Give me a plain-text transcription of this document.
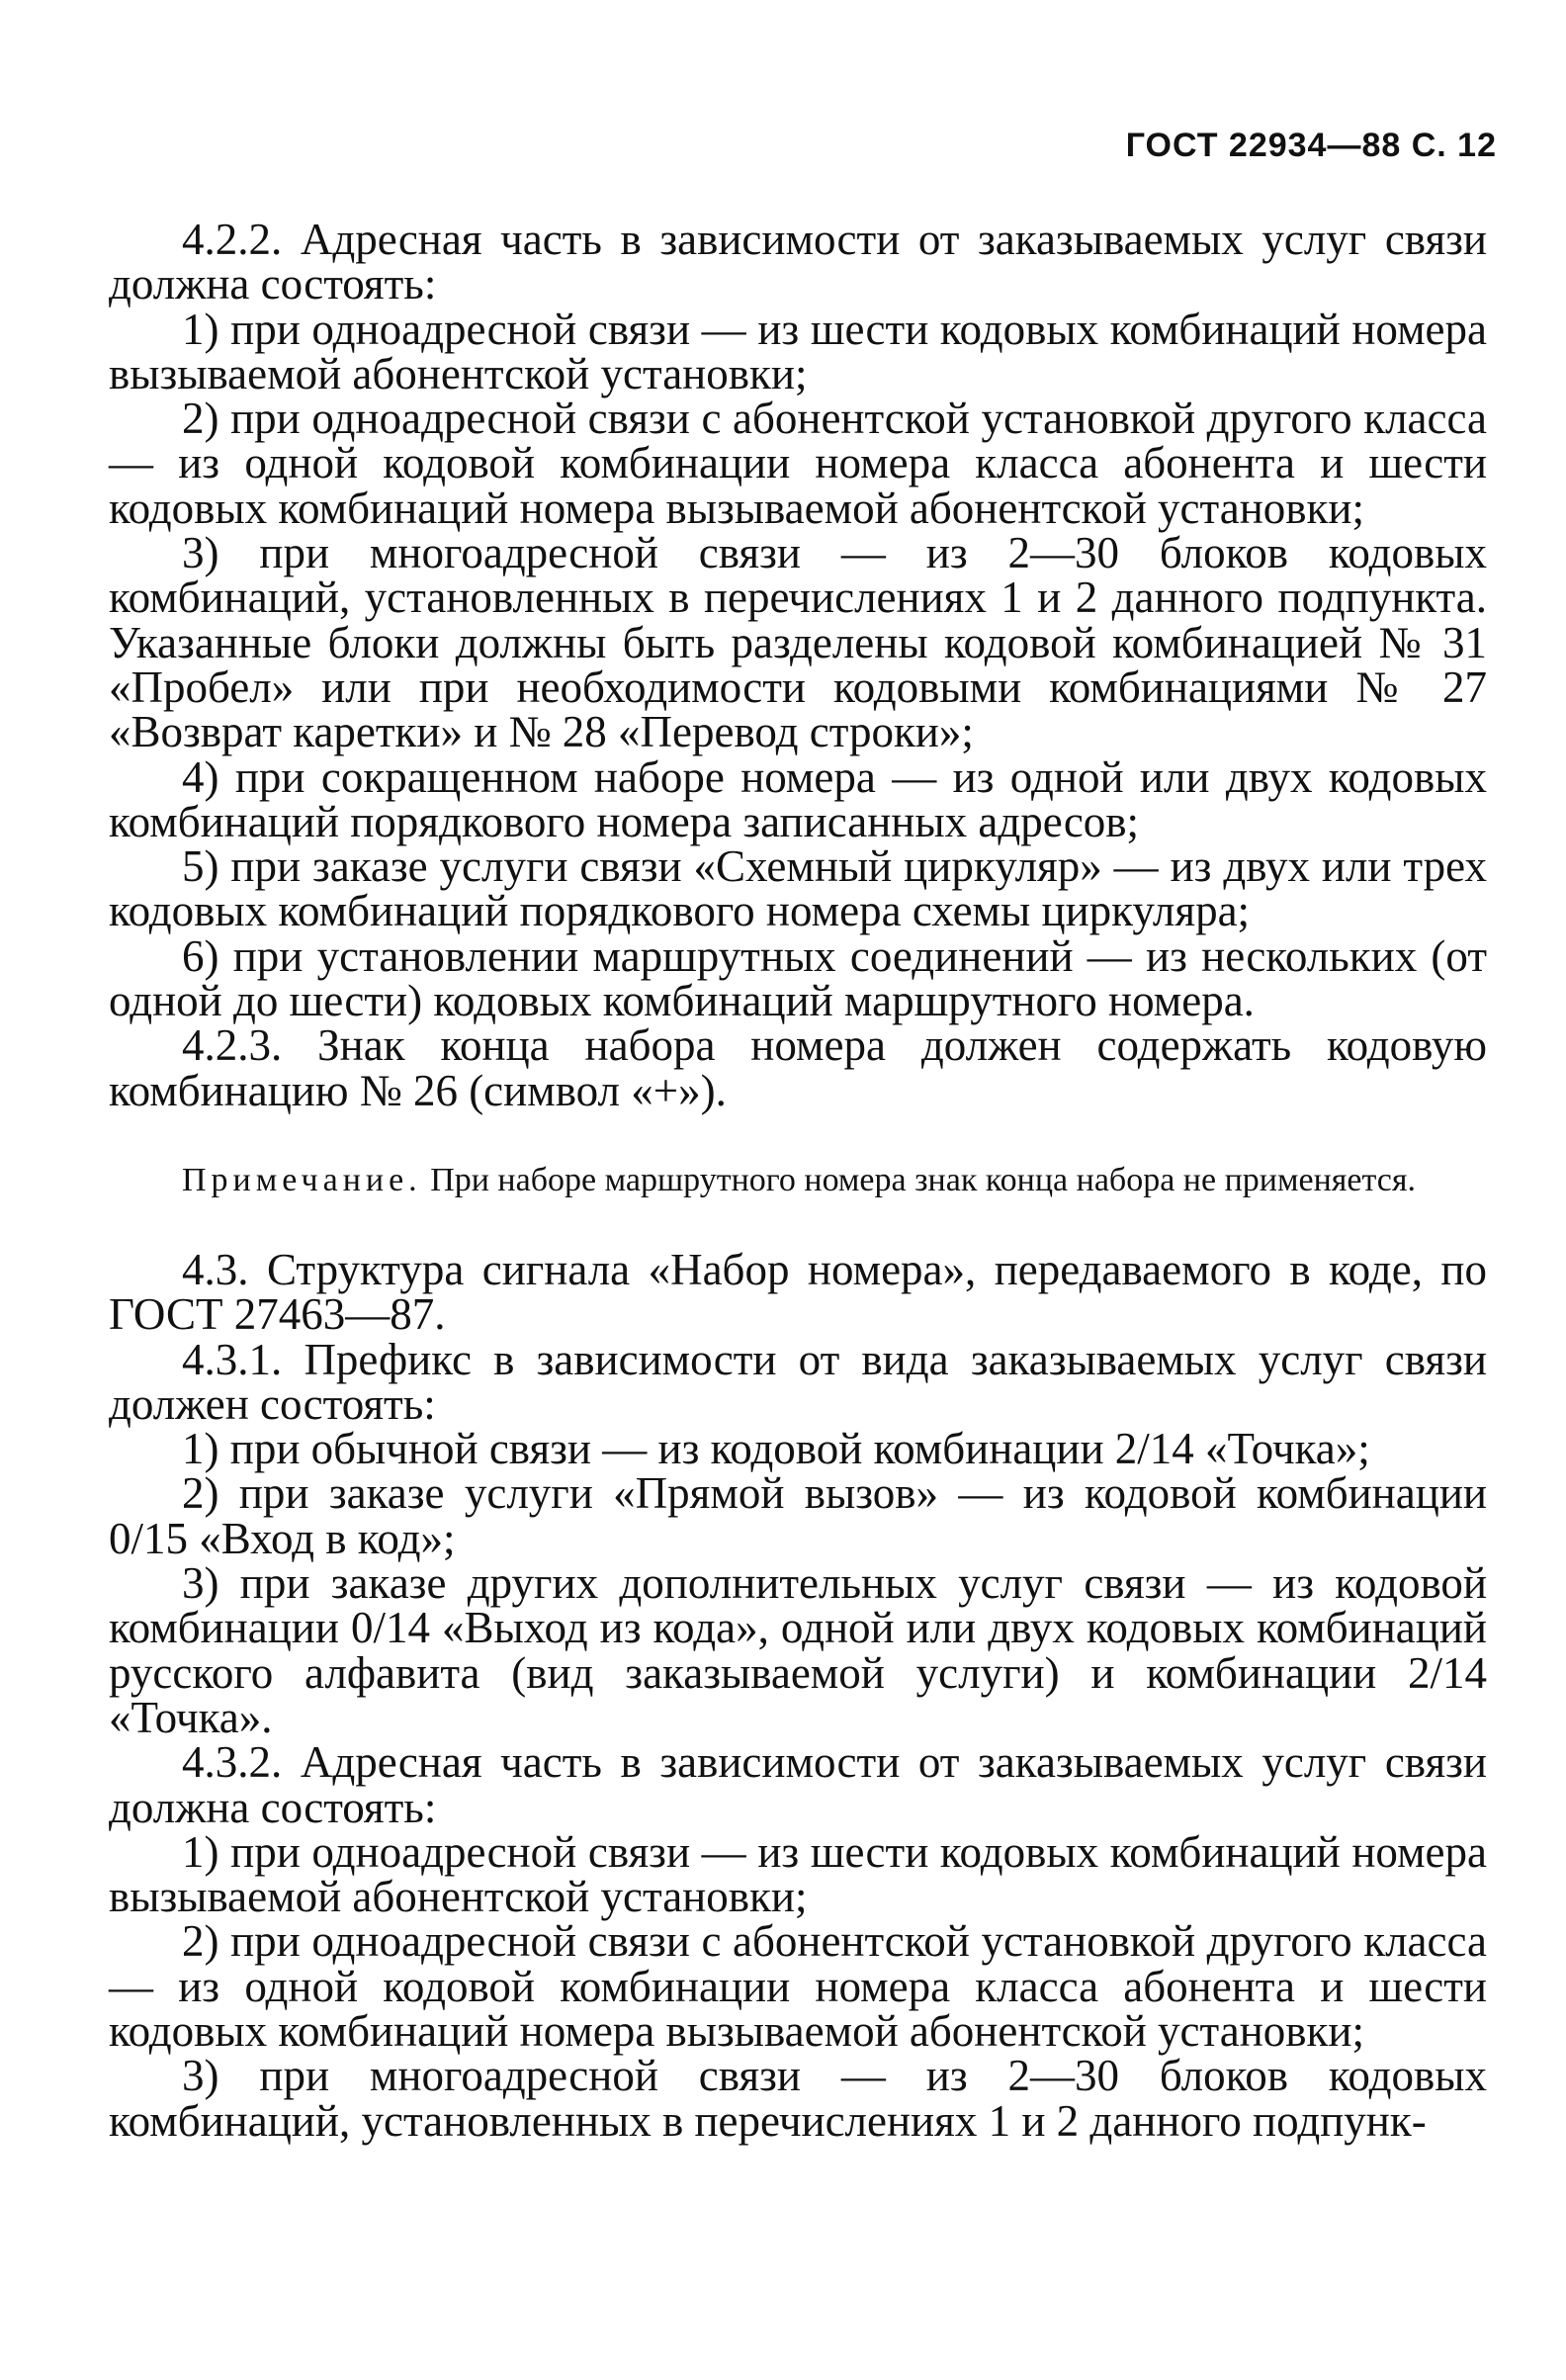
ГОСТ 22934—88 С. 12

4.2.2. Адресная часть в зависимости от заказываемых услуг связи должна состоять:

1) при одноадресной связи — из шести кодовых комбинаций номера вызываемой абонентской установки;

2) при одноадресной связи с абонентской установкой другого класса — из одной кодовой комбинации номера класса абонента и шести кодовых комбинаций номера вызываемой абонентской установки;

3) при многоадресной связи — из 2—30 блоков кодовых комбинаций, установленных в перечислениях 1 и 2 данного подпункта. Указанные блоки должны быть разделены кодовой комбинацией № 31 «Пробел» или при необходимости кодовыми комбинациями № 27 «Возврат каретки» и № 28 «Перевод строки»;

4) при сокращенном наборе номера — из одной или двух кодовых комбинаций порядкового номера записанных адресов;

5) при заказе услуги связи «Схемный циркуляр» — из двух или трех кодовых комбинаций порядкового номера схемы циркуляра;

6) при установлении маршрутных соединений — из нескольких (от одной до шести) кодовых комбинаций маршрутного номера.

4.2.3. Знак конца набора номера должен содержать кодовую комбинацию № 26 (символ «+»).

Примечание. При наборе маршрутного номера знак конца набора не применяется.

4.3. Структура сигнала «Набор номера», передаваемого в коде, по ГОСТ 27463—87.

4.3.1. Префикс в зависимости от вида заказываемых услуг связи должен состоять:

1) при обычной связи — из кодовой комбинации 2/14 «Точка»;

2) при заказе услуги «Прямой вызов» — из кодовой комбинации 0/15 «Вход в код»;

3) при заказе других дополнительных услуг связи — из кодовой комбинации 0/14 «Выход из кода», одной или двух кодовых комбинаций русского алфавита (вид заказываемой услуги) и комбинации 2/14 «Точка».

4.3.2. Адресная часть в зависимости от заказываемых услуг связи должна состоять:

1) при одноадресной связи — из шести кодовых комбинаций номера вызываемой абонентской установки;

2) при одноадресной связи с абонентской установкой другого класса — из одной кодовой комбинации номера класса абонента и шести кодовых комбинаций номера вызываемой абонентской установки;

3) при многоадресной связи — из 2—30 блоков кодовых комбинаций, установленных в перечислениях 1 и 2 данного подпунк-
